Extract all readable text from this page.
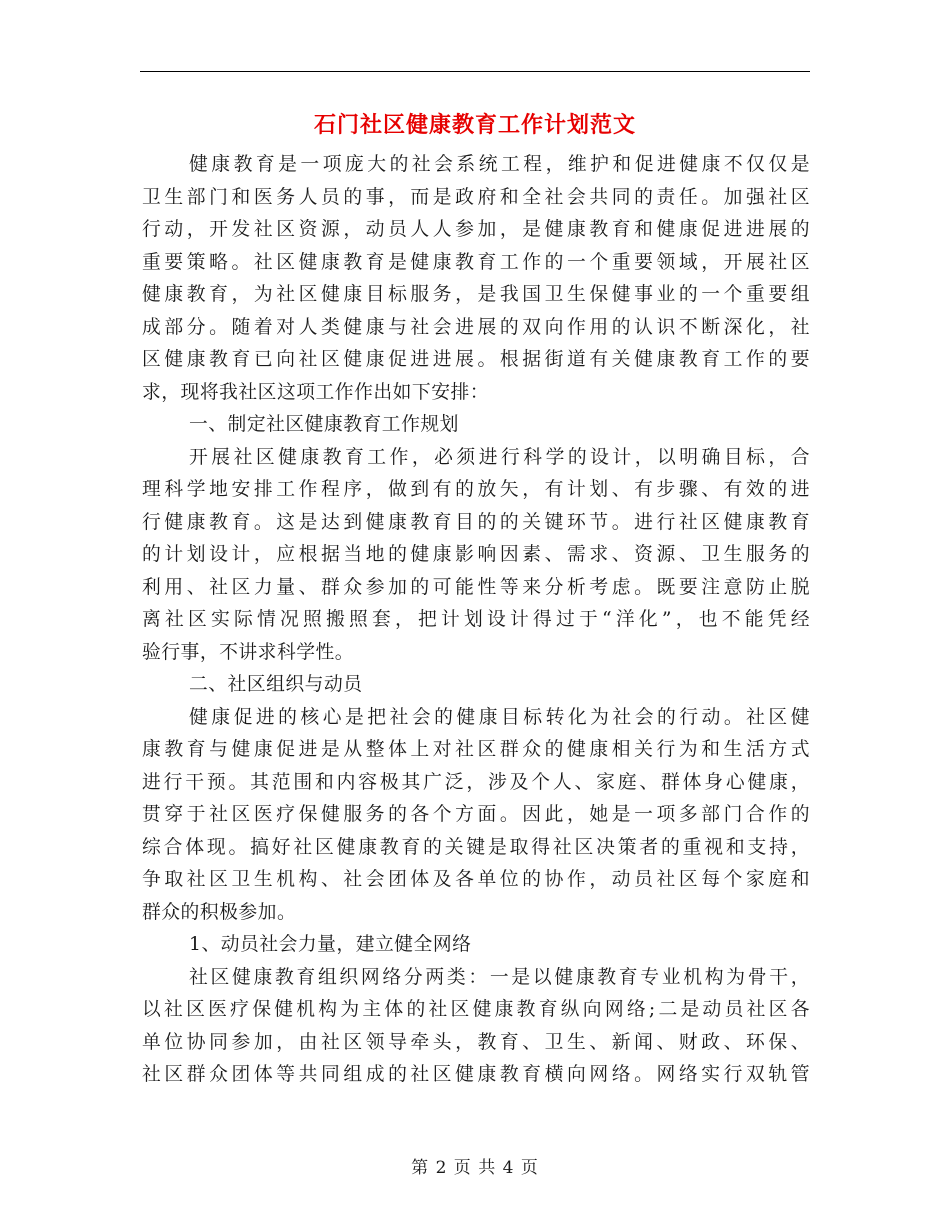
石门社区健康教育工作计划范文
健康教育是一项庞大的社会系统工程，维护和促进健康不仅仅是
卫生部门和医务人员的事，而是政府和全社会共同的责任。加强社区
行动，开发社区资源，动员人人参加，是健康教育和健康促进进展的
重要策略。社区健康教育是健康教育工作的一个重要领域，开展社区
健康教育，为社区健康目标服务，是我国卫生保健事业的一个重要组
成部分。随着对人类健康与社会进展的双向作用的认识不断深化，社
区健康教育已向社区健康促进进展。根据街道有关健康教育工作的要
求，现将我社区这项工作作出如下安排：
一、制定社区健康教育工作规划
开展社区健康教育工作，必须进行科学的设计，以明确目标，合
理科学地安排工作程序，做到有的放矢，有计划、有步骤、有效的进
行健康教育。这是达到健康教育目的的关键环节。进行社区健康教育
的计划设计，应根据当地的健康影响因素、需求、资源、卫生服务的
利用、社区力量、群众参加的可能性等来分析考虑。既要注意防止脱
离社区实际情况照搬照套，把计划设计得过于“洋化”，也不能凭经
验行事，不讲求科学性。
二、社区组织与动员
健康促进的核心是把社会的健康目标转化为社会的行动。社区健
康教育与健康促进是从整体上对社区群众的健康相关行为和生活方式
进行干预。其范围和内容极其广泛，涉及个人、家庭、群体身心健康，
贯穿于社区医疗保健服务的各个方面。因此，她是一项多部门合作的
综合体现。搞好社区健康教育的关键是取得社区决策者的重视和支持，
争取社区卫生机构、社会团体及各单位的协作，动员社区每个家庭和
群众的积极参加。
1、动员社会力量，建立健全网络
社区健康教育组织网络分两类：一是以健康教育专业机构为骨干，
以社区医疗保健机构为主体的社区健康教育纵向网络;二是动员社区各
单位协同参加，由社区领导牵头，教育、卫生、新闻、财政、环保、
社区群众团体等共同组成的社区健康教育横向网络。网络实行双轨管
第 2 页 共 4 页
